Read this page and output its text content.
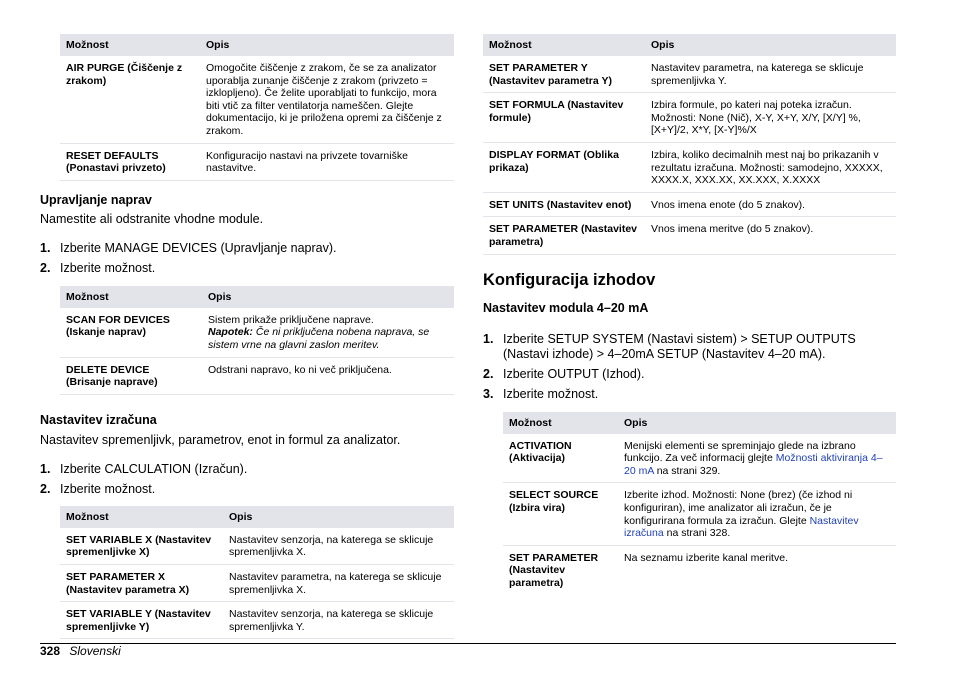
Možnost	Opis
AIR PURGE (Čiščenje z zrakom)	Omogočite čiščenje z zrakom, če se za analizator uporablja zunanje čiščenje z zrakom (privzeto = izklopljeno). Če želite uporabljati to funkcijo, mora biti vtič za filter ventilatorja nameščen. Glejte dokumentacijo, ki je priložena opremi za čiščenje z zrakom.
RESET DEFAULTS (Ponastavi privzeto)	Konfiguracijo nastavi na privzete tovarniške nastavitve.
Upravljanje naprav

Namestite ali odstranite vhodne module.

1. Izberite MANAGE DEVICES (Upravljanje naprav).
2. Izberite možnost.
Možnost	Opis
SCAN FOR DEVICES (Iskanje naprav)	Sistem prikaže priključene naprave.
Napotek: Če ni priključena nobena naprava, se sistem vrne na glavni zaslon meritev.
DELETE DEVICE (Brisanje naprave)	Odstrani napravo, ko ni več priključena.
Nastavitev izračuna

Nastavitev spremenljivk, parametrov, enot in formul za analizator.

1. Izberite CALCULATION (Izračun).
2. Izberite možnost.
Možnost	Opis
SET VARIABLE X (Nastavitev spremenljivke X)	Nastavitev senzorja, na katerega se sklicuje spremenljivka X.
SET PARAMETER X (Nastavitev parametra X)	Nastavitev parametra, na katerega se sklicuje spremenljivka X.
SET VARIABLE Y (Nastavitev spremenljivke Y)	Nastavitev senzorja, na katerega se sklicuje spremenljivka Y.
Možnost	Opis
SET PARAMETER Y (Nastavitev parametra Y)	Nastavitev parametra, na katerega se sklicuje spremenljivka Y.
SET FORMULA (Nastavitev formule)	Izbira formule, po kateri naj poteka izračun. Možnosti: None (Nič), X-Y, X+Y, X/Y, [X/Y] %, [X+Y]/2, X*Y, [X-Y]%/X
DISPLAY FORMAT (Oblika prikaza)	Izbira, koliko decimalnih mest naj bo prikazanih v rezultatu izračuna. Možnosti: samodejno, XXXXX, XXXX.X, XXX.XX, XX.XXX, X.XXXX
SET UNITS (Nastavitev enot)	Vnos imena enote (do 5 znakov).
SET PARAMETER (Nastavitev parametra)	Vnos imena meritve (do 5 znakov).
Konfiguracija izhodov
Nastavitev modula 4–20 mA
1. Izberite SETUP SYSTEM (Nastavi sistem) > SETUP OUTPUTS (Nastavi izhode) > 4–20mA SETUP (Nastavitev 4–20 mA).
2. Izberite OUTPUT (Izhod).
3. Izberite možnost.
Možnost	Opis
ACTIVATION (Aktivacija)	Menijski elementi se spreminjajo glede na izbrano funkcijo. Za več informacij glejte Možnosti aktiviranja 4–20 mA na strani 329.
SELECT SOURCE (Izbira vira)	Izberite izhod. Možnosti: None (brez) (če izhod ni konfiguriran), ime analizator ali izračun, če je konfigurirana formula za izračun. Glejte Nastavitev izračuna na strani 328.
SET PARAMETER (Nastavitev parametra)	Na seznamu izberite kanal meritve.
328 Slovenski
